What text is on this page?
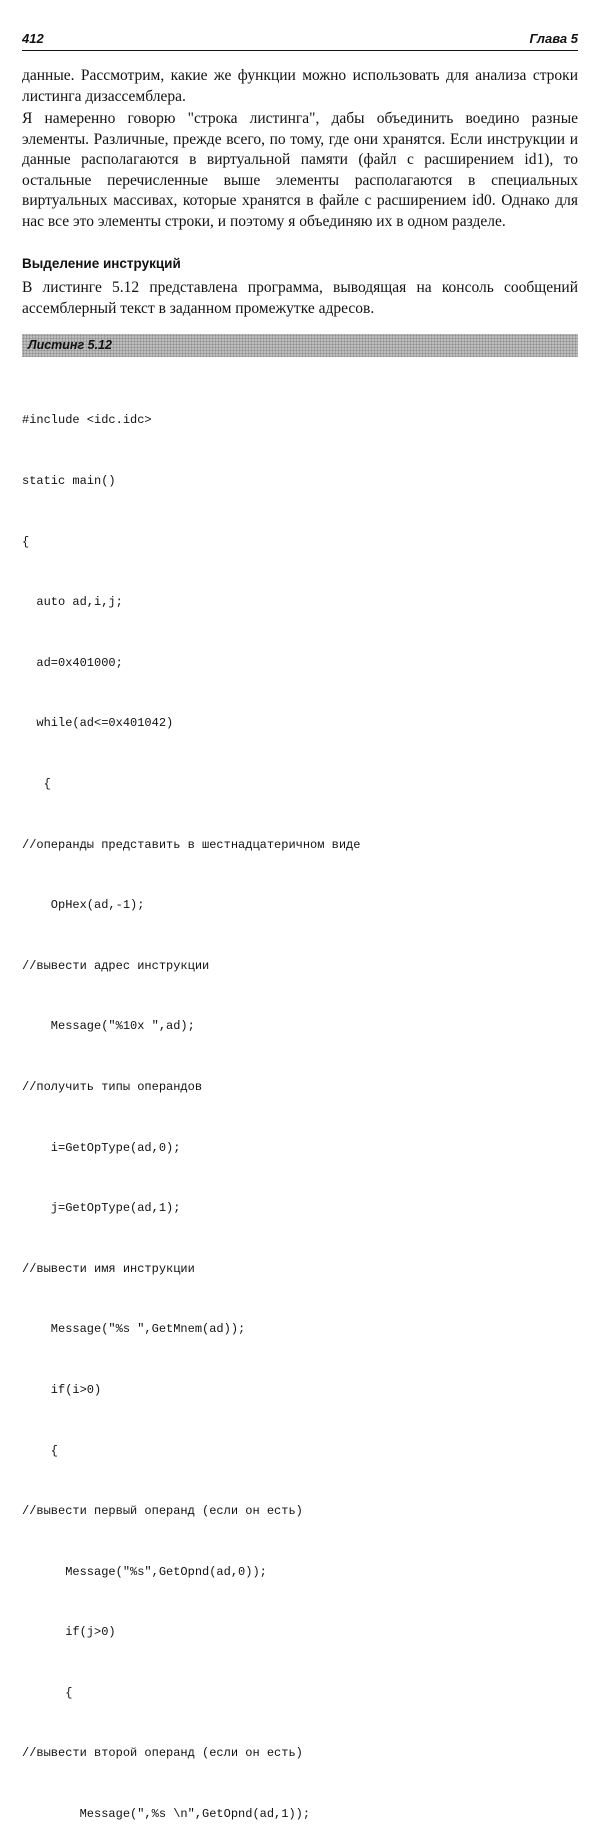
412	Глава 5

данные. Рассмотрим, какие же функции можно использовать для анализа строки листинга дизассемблера.

Я намеренно говорю "строка листинга", дабы объединить воедино разные элементы. Различные, прежде всего, по тому, где они хранятся. Если инструкции и данные располагаются в виртуальной памяти (файл с расширением id1), то остальные перечисленные выше элементы располагаются в специальных виртуальных массивах, которые хранятся в файле с расширением id0. Однако для нас все это элементы строки, и поэтому я объединяю их в одном разделе.

Выделение инструкций

В листинге 5.12 представлена программа, выводящая на консоль сообщений ассемблерный текст в заданном промежутке адресов.

Листинг 5.12

#include <idc.idc>

static main()

{

auto ad,i,j;

ad=0x401000;

while(ad<=0x401042)

{

//операнды представить в шестнадцатеричном виде

OpHex(ad,-1);

//вывести адрес инструкции

Message("%10x ",ad);

//получить типы операндов

i=GetOpType(ad,0);

j=GetOpType(ad,1);

//вывести имя инструкции

Message("%s ",GetMnem(ad));

if(i>0)

{

//вывести первый операнд (если он есть)

Message("%s",GetOpnd(ad,0));

if(j>0)

{

//вывести второй операнд (если он есть)

Message(",%s \n",GetOpnd(ad,1));
